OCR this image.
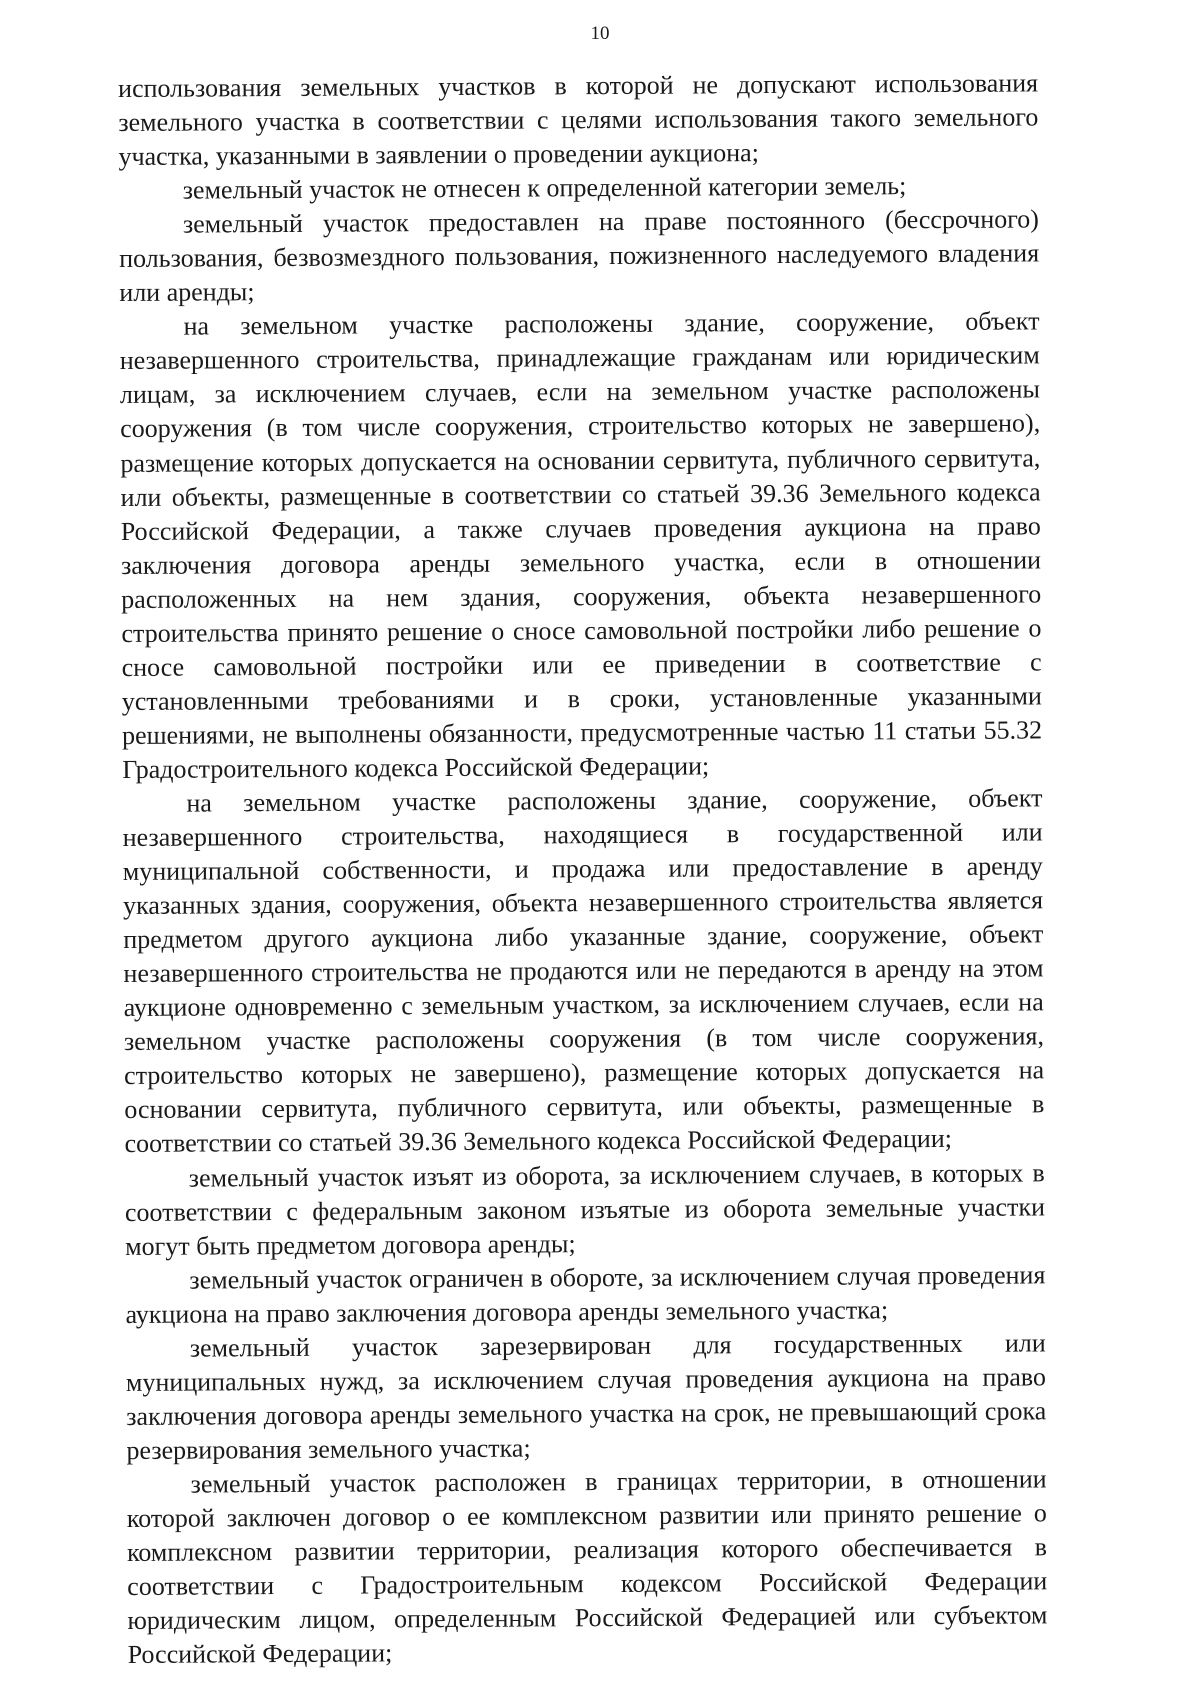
10

использования земельных участков в которой не допускают использования земельного участка в соответствии с целями использования такого земельного участка, указанными в заявлении о проведении аукциона;

земельный участок не отнесен к определенной категории земель;

земельный участок предоставлен на праве постоянного (бессрочного) пользования, безвозмездного пользования, пожизненного наследуемого владения или аренды;

на земельном участке расположены здание, сооружение, объект незавершенного строительства, принадлежащие гражданам или юридическим лицам, за исключением случаев, если на земельном участке расположены сооружения (в том числе сооружения, строительство которых не завершено), размещение которых допускается на основании сервитута, публичного сервитута, или объекты, размещенные в соответствии со статьей 39.36 Земельного кодекса Российской Федерации, а также случаев проведения аукциона на право заключения договора аренды земельного участка, если в отношении расположенных на нем здания, сооружения, объекта незавершенного строительства принято решение о сносе самовольной постройки либо решение о сносе самовольной постройки или ее приведении в соответствие с установленными требованиями и в сроки, установленные указанными решениями, не выполнены обязанности, предусмотренные частью 11 статьи 55.32 Градостроительного кодекса Российской Федерации;

на земельном участке расположены здание, сооружение, объект незавершенного строительства, находящиеся в государственной или муниципальной собственности, и продажа или предоставление в аренду указанных здания, сооружения, объекта незавершенного строительства является предметом другого аукциона либо указанные здание, сооружение, объект незавершенного строительства не продаются или не передаются в аренду на этом аукционе одновременно с земельным участком, за исключением случаев, если на земельном участке расположены сооружения (в том числе сооружения, строительство которых не завершено), размещение которых допускается на основании сервитута, публичного сервитута, или объекты, размещенные в соответствии со статьей 39.36 Земельного кодекса Российской Федерации;

земельный участок изъят из оборота, за исключением случаев, в которых в соответствии с федеральным законом изъятые из оборота земельные участки могут быть предметом договора аренды;

земельный участок ограничен в обороте, за исключением случая проведения аукциона на право заключения договора аренды земельного участка;

земельный участок зарезервирован для государственных или муниципальных нужд, за исключением случая проведения аукциона на право заключения договора аренды земельного участка на срок, не превышающий срока резервирования земельного участка;

земельный участок расположен в границах территории, в отношении которой заключен договор о ее комплексном развитии или принято решение о комплексном развитии территории, реализация которого обеспечивается в соответствии с Градостроительным кодексом Российской Федерации юридическим лицом, определенным Российской Федерацией или субъектом Российской Федерации;
